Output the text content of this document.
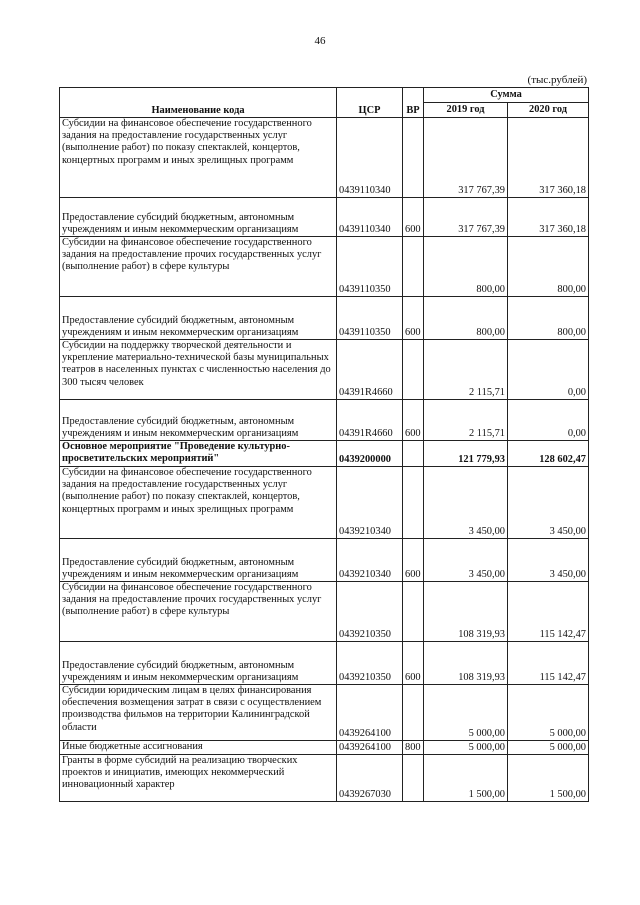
46
(тыс.рублей)
Наименование кода	ЦСР	ВР	Сумма	
			2019 год	2020 год
Субсидии на финансовое обеспечение государственного задания на предоставление государственных услуг (выполнение работ) по показу спектаклей, концертов, концертных программ и иных зрелищных программ	0439110340		317 767,39	317 360,18
Предоставление субсидий бюджетным, автономным учреждениям и иным некоммерческим организациям	0439110340	600	317 767,39	317 360,18
Субсидии на финансовое обеспечение государственного задания на предоставление прочих государственных услуг (выполнение работ) в сфере культуры	0439110350		800,00	800,00
Предоставление субсидий бюджетным, автономным учреждениям и иным некоммерческим организациям	0439110350	600	800,00	800,00
Субсидии на поддержку творческой деятельности и укрепление материально-технической базы муниципальных театров в населенных пунктах с численностью населения до 300 тысяч человек	04391R4660		2 115,71	0,00
Предоставление субсидий бюджетным, автономным учреждениям и иным некоммерческим организациям	04391R4660	600	2 115,71	0,00
Основное мероприятие "Проведение культурно-просветительских мероприятий"	0439200000		121 779,93	128 602,47
Субсидии на финансовое обеспечение государственного задания на предоставление государственных услуг (выполнение работ) по показу спектаклей, концертов, концертных программ и иных зрелищных программ	0439210340		3 450,00	3 450,00
Предоставление субсидий бюджетным, автономным учреждениям и иным некоммерческим организациям	0439210340	600	3 450,00	3 450,00
Субсидии на финансовое обеспечение государственного задания на предоставление прочих государственных услуг (выполнение работ) в сфере культуры	0439210350		108 319,93	115 142,47
Предоставление субсидий бюджетным, автономным учреждениям и иным некоммерческим организациям	0439210350	600	108 319,93	115 142,47
Субсидии юридическим лицам в целях финансирования обеспечения возмещения затрат в связи с осуществлением производства фильмов на территории Калининградской области	0439264100		5 000,00	5 000,00
Иные бюджетные ассигнования	0439264100	800	5 000,00	5 000,00
Гранты в форме субсидий на реализацию творческих проектов и инициатив, имеющих некоммерческий инновационный характер	0439267030		1 500,00	1 500,00
